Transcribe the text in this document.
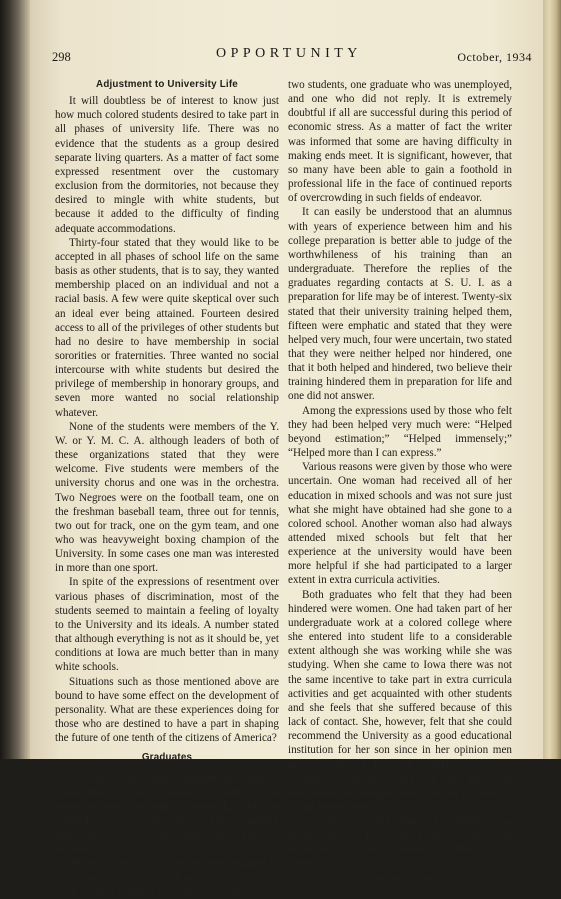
298	OPPORTUNITY	October, 1934
Adjustment to University Life

It will doubtless be of interest to know just how much colored students desired to take part in all phases of university life. There was no evidence that the students as a group desired separate living quarters. As a matter of fact some expressed resentment over the customary exclusion from the dormitories, not because they desired to mingle with white students, but because it added to the difficulty of finding adequate accommodations.

Thirty-four stated that they would like to be accepted in all phases of school life on the same basis as other students, that is to say, they wanted membership placed on an individual and not a racial basis. A few were quite skeptical over such an ideal ever being attained. Fourteen desired access to all of the privileges of other students but had no desire to have membership in social sororities or fraternities. Three wanted no social intercourse with white students but desired the privilege of membership in honorary groups, and seven more wanted no social relationship whatever.

None of the students were members of the Y. W. or Y. M. C. A. although leaders of both of these organizations stated that they were welcome. Five students were members of the university chorus and one was in the orchestra. Two Negroes were on the football team, one on the freshman baseball team, three out for tennis, two out for track, one on the gym team, and one who was heavyweight boxing champion of the University. In some cases one man was interested in more than one sport.

In spite of the expressions of resentment over various phases of discrimination, most of the students seemed to maintain a feeling of loyalty to the University and its ideals. A number stated that although everything is not as it should be, yet conditions at Iowa are much better than in many white schools.

Situations such as those mentioned above are bound to have some effect on the development of personality. What are these experiences doing for those who are destined to have a part in shaping the future of one tenth of the citizens of America?

Graduates

In order to get more complete information, questionnaires were mailed to alumni and interviews were held with the result that fifty-one schedules were obtained. This number represented thirty-seven men and fourteen women.

All except ten of the alumni were engaged in some form of professional work. The ten who were not thus engaged included six housewives,

two students, one graduate who was unemployed, and one who did not reply. It is extremely doubtful if all are successful during this period of economic stress. As a matter of fact the writer was informed that some are having difficulty in making ends meet. It is significant, however, that so many have been able to gain a foothold in professional life in the face of continued reports of overcrowding in such fields of endeavor.

It can easily be understood that an alumnus with years of experience between him and his college preparation is better able to judge of the worthwhileness of his training than an undergraduate. Therefore the replies of the graduates regarding contacts at S. U. I. as a preparation for life may be of interest. Twenty-six stated that their university training helped them, fifteen were emphatic and stated that they were helped very much, four were uncertain, two stated that they were neither helped nor hindered, one that it both helped and hindered, two believe their training hindered them in preparation for life and one did not answer.

Among the expressions used by those who felt they had been helped very much were: “Helped beyond estimation;” “Helped immensely;” “Helped more than I can express.”

Various reasons were given by those who were uncertain. One woman had received all of her education in mixed schools and was not sure just what she might have obtained had she gone to a colored school. Another woman also had always attended mixed schools but felt that her experience at the university would have been more helpful if she had participated to a larger extent in extra curricula activities.

Both graduates who felt that they had been hindered were women. One had taken part of her undergraduate work at a colored college where she entered into student life to a considerable extent although she was working while she was studying. When she came to Iowa there was not the same incentive to take part in extra curricula activities and get acquainted with other students and she feels that she suffered because of this lack of contact. She, however, felt that she could recommend the University as a good educational institution for her son since in her opinion men are not affected by such experiences as are women. Furthermore, she felt the additional educational advantages would off-set the lack of social development.

In reply to the question “Would you recommend S. U. I. as a good educational institution to your children or other young Negroes?”

(Continued on Page 319)
